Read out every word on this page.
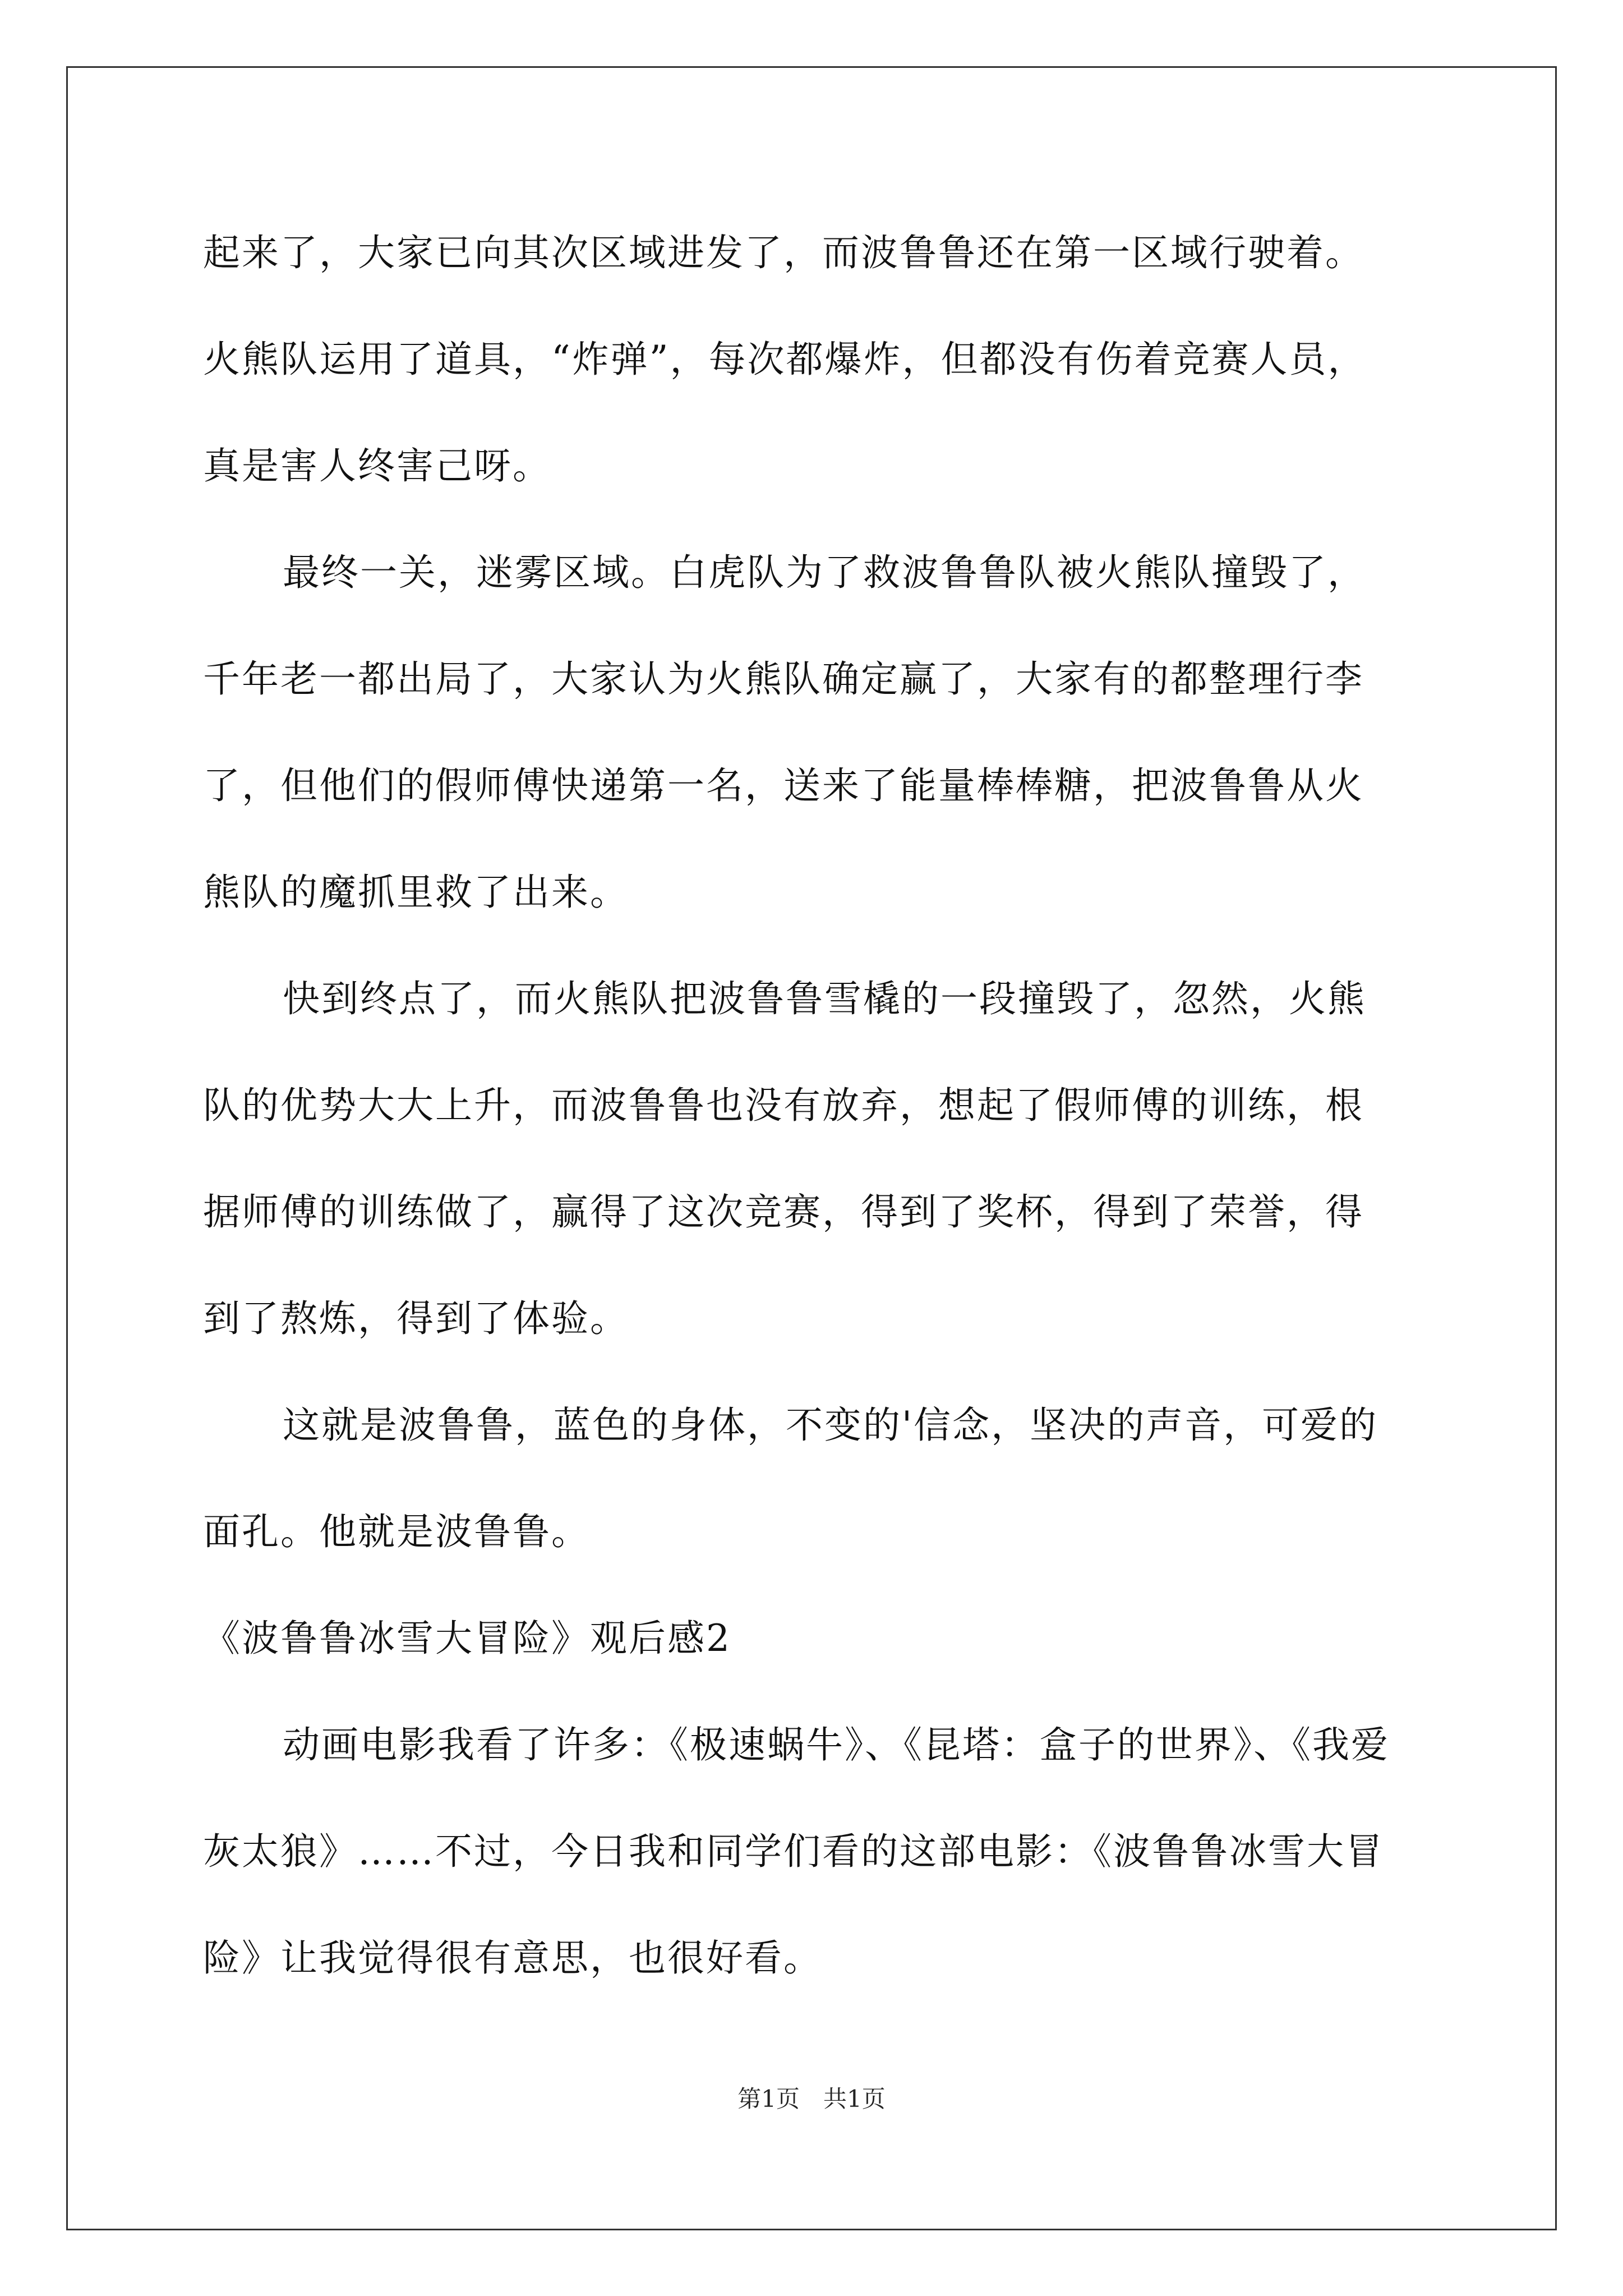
起来了，大家已向其次区域进发了，而波鲁鲁还在第一区域行驶着。
火熊队运用了道具，“炸弹”，每次都爆炸，但都没有伤着竞赛人员，
真是害人终害己呀。
最终一关，迷雾区域。白虎队为了救波鲁鲁队被火熊队撞毁了，
千年老一都出局了，大家认为火熊队确定赢了，大家有的都整理行李
了，但他们的假师傅快递第一名，送来了能量棒棒糖，把波鲁鲁从火
熊队的魔抓里救了出来。
快到终点了，而火熊队把波鲁鲁雪橇的一段撞毁了，忽然，火熊
队的优势大大上升，而波鲁鲁也没有放弃，想起了假师傅的训练，根
据师傅的训练做了，赢得了这次竞赛，得到了奖杯，得到了荣誉，得
到了熬炼，得到了体验。
这就是波鲁鲁，蓝色的身体，不变的'信念，坚决的声音，可爱的
面孔。他就是波鲁鲁。
《波鲁鲁冰雪大冒险》观后感2
动画电影我看了许多：《极速蜗牛》、《昆塔：盒子的世界》、《我爱
灰太狼》……不过，今日我和同学们看的这部电影：《波鲁鲁冰雪大冒
险》让我觉得很有意思，也很好看。
第1页　共1页
